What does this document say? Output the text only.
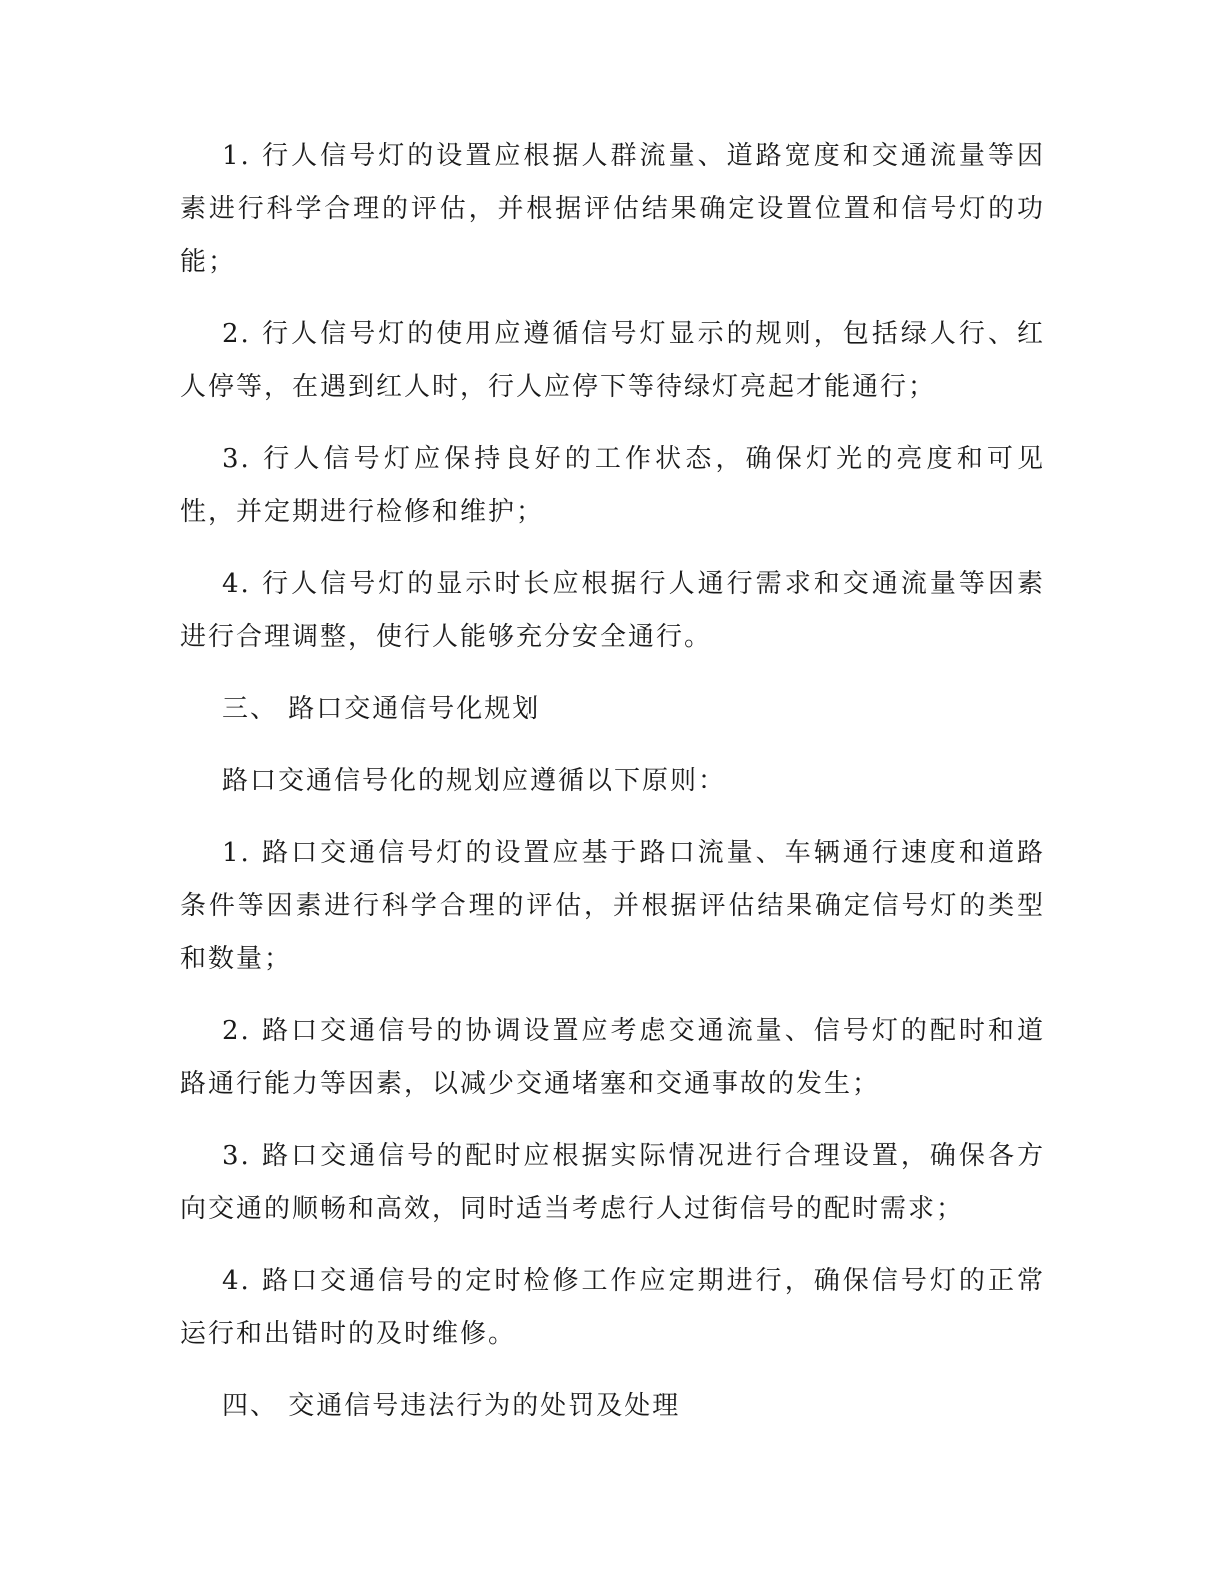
1. 行人信号灯的设置应根据人群流量、道路宽度和交通流量等因素进行科学合理的评估，并根据评估结果确定设置位置和信号灯的功能；

2. 行人信号灯的使用应遵循信号灯显示的规则，包括绿人行、红人停等，在遇到红人时，行人应停下等待绿灯亮起才能通行；

3. 行人信号灯应保持良好的工作状态，确保灯光的亮度和可见性，并定期进行检修和维护；

4. 行人信号灯的显示时长应根据行人通行需求和交通流量等因素进行合理调整，使行人能够充分安全通行。

三、 路口交通信号化规划

路口交通信号化的规划应遵循以下原则：

1. 路口交通信号灯的设置应基于路口流量、车辆通行速度和道路条件等因素进行科学合理的评估，并根据评估结果确定信号灯的类型和数量；

2. 路口交通信号的协调设置应考虑交通流量、信号灯的配时和道路通行能力等因素，以减少交通堵塞和交通事故的发生；

3. 路口交通信号的配时应根据实际情况进行合理设置，确保各方向交通的顺畅和高效，同时适当考虑行人过街信号的配时需求；

4. 路口交通信号的定时检修工作应定期进行，确保信号灯的正常运行和出错时的及时维修。

四、 交通信号违法行为的处罚及处理
